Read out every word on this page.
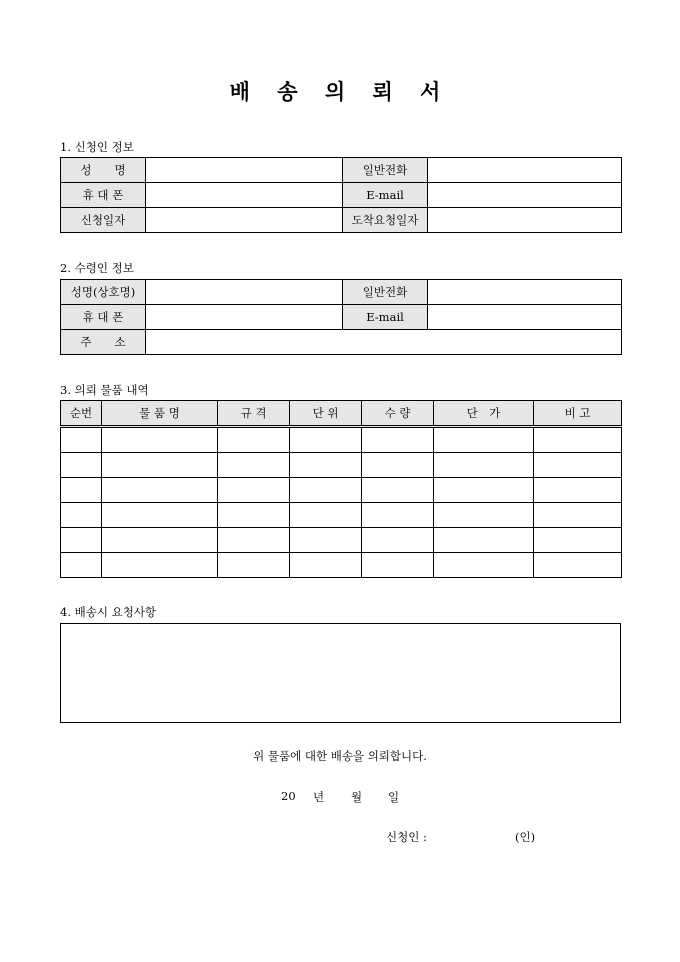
배 송 의 뢰 서
1. 신청인 정보
성　　명		일반전화	
휴 대 폰		E-mail	
신청일자		도착요청일자	
2. 수령인 정보
성명(상호명)		일반전화	
휴 대 폰		E-mail	
주　　소			
3. 의뢰 물품 내역
순번	물 품 명	규 격	단 위	수 량	단　가	비 고

4. 배송시 요청사항
위 물품에 대한 배송을 의뢰합니다.
20 년 월 일
신청인 :	(인)
